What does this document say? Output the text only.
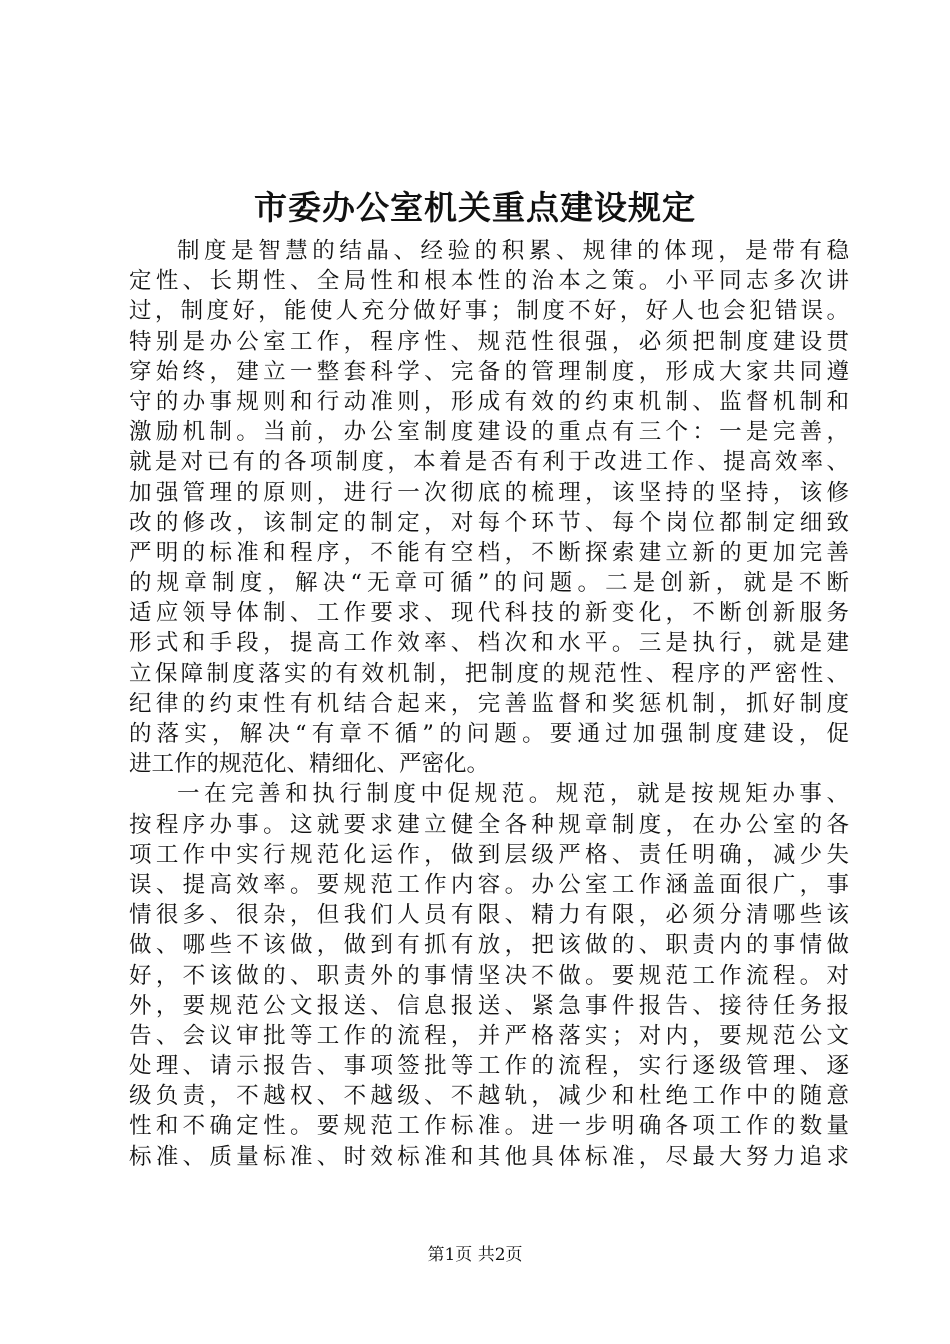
市委办公室机关重点建设规定
制度是智慧的结晶、经验的积累、规律的体现，是带有稳
定性、长期性、全局性和根本性的治本之策。小平同志多次讲
过，制度好，能使人充分做好事；制度不好，好人也会犯错误。
特别是办公室工作，程序性、规范性很强，必须把制度建设贯
穿始终，建立一整套科学、完备的管理制度，形成大家共同遵
守的办事规则和行动准则，形成有效的约束机制、监督机制和
激励机制。当前，办公室制度建设的重点有三个：一是完善，
就是对已有的各项制度，本着是否有利于改进工作、提高效率、
加强管理的原则，进行一次彻底的梳理，该坚持的坚持，该修
改的修改，该制定的制定，对每个环节、每个岗位都制定细致
严明的标准和程序，不能有空档，不断探索建立新的更加完善
的规章制度，解决“无章可循”的问题。二是创新，就是不断
适应领导体制、工作要求、现代科技的新变化，不断创新服务
形式和手段，提高工作效率、档次和水平。三是执行，就是建
立保障制度落实的有效机制，把制度的规范性、程序的严密性、
纪律的约束性有机结合起来，完善监督和奖惩机制，抓好制度
的落实，解决“有章不循”的问题。要通过加强制度建设，促
进工作的规范化、精细化、严密化。
一在完善和执行制度中促规范。规范，就是按规矩办事、
按程序办事。这就要求建立健全各种规章制度，在办公室的各
项工作中实行规范化运作，做到层级严格、责任明确，减少失
误、提高效率。要规范工作内容。办公室工作涵盖面很广，事
情很多、很杂，但我们人员有限、精力有限，必须分清哪些该
做、哪些不该做，做到有抓有放，把该做的、职责内的事情做
好，不该做的、职责外的事情坚决不做。要规范工作流程。对
外，要规范公文报送、信息报送、紧急事件报告、接待任务报
告、会议审批等工作的流程，并严格落实；对内，要规范公文
处理、请示报告、事项签批等工作的流程，实行逐级管理、逐
级负责，不越权、不越级、不越轨，减少和杜绝工作中的随意
性和不确定性。要规范工作标准。进一步明确各项工作的数量
标准、质量标准、时效标准和其他具体标准，尽最大努力追求
第1页 共2页
